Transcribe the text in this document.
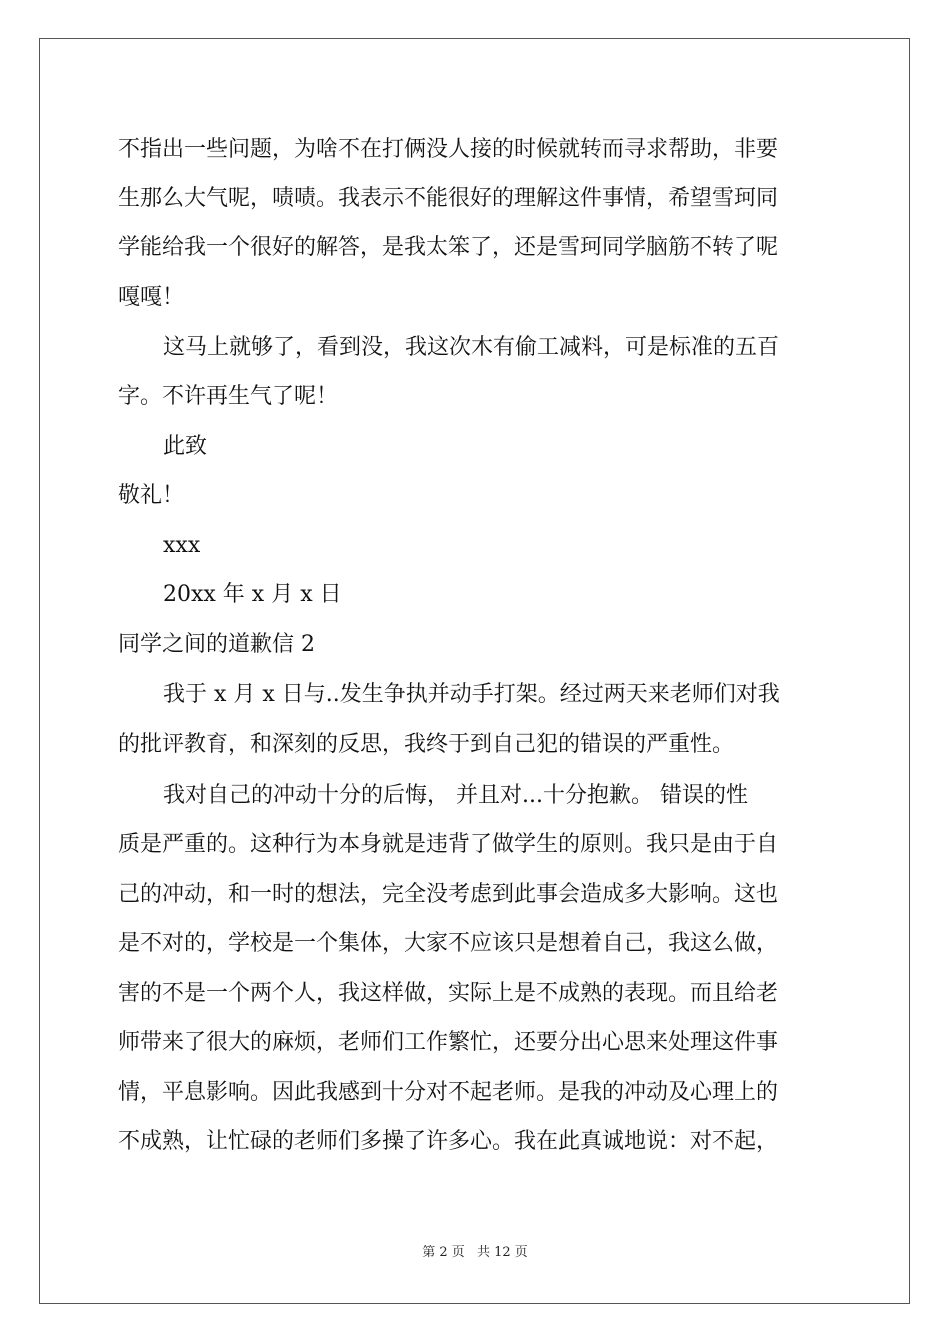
不指出一些问题，为啥不在打俩没人接的时候就转而寻求帮助，非要

生那么大气呢，啧啧。我表示不能很好的理解这件事情，希望雪珂同

学能给我一个很好的解答，是我太笨了，还是雪珂同学脑筋不转了呢

嘎嘎！

这马上就够了，看到没，我这次木有偷工减料，可是标准的五百

字。不许再生气了呢！

此致

敬礼！

xxx

20xx 年 x 月 x 日

同学之间的道歉信 2

我于 x 月 x 日与..发生争执并动手打架。经过两天来老师们对我

的批评教育，和深刻的反思，我终于到自己犯的错误的严重性。

我对自己的冲动十分的后悔， 并且对...十分抱歉。 错误的性

质是严重的。这种行为本身就是违背了做学生的原则。我只是由于自

己的冲动，和一时的想法，完全没考虑到此事会造成多大影响。这也

是不对的，学校是一个集体，大家不应该只是想着自己，我这么做，

害的不是一个两个人，我这样做，实际上是不成熟的表现。而且给老

师带来了很大的麻烦，老师们工作繁忙，还要分出心思来处理这件事

情，平息影响。因此我感到十分对不起老师。是我的冲动及心理上的

不成熟，让忙碌的老师们多操了许多心。我在此真诚地说：对不起，

第 2 页 共 12 页
